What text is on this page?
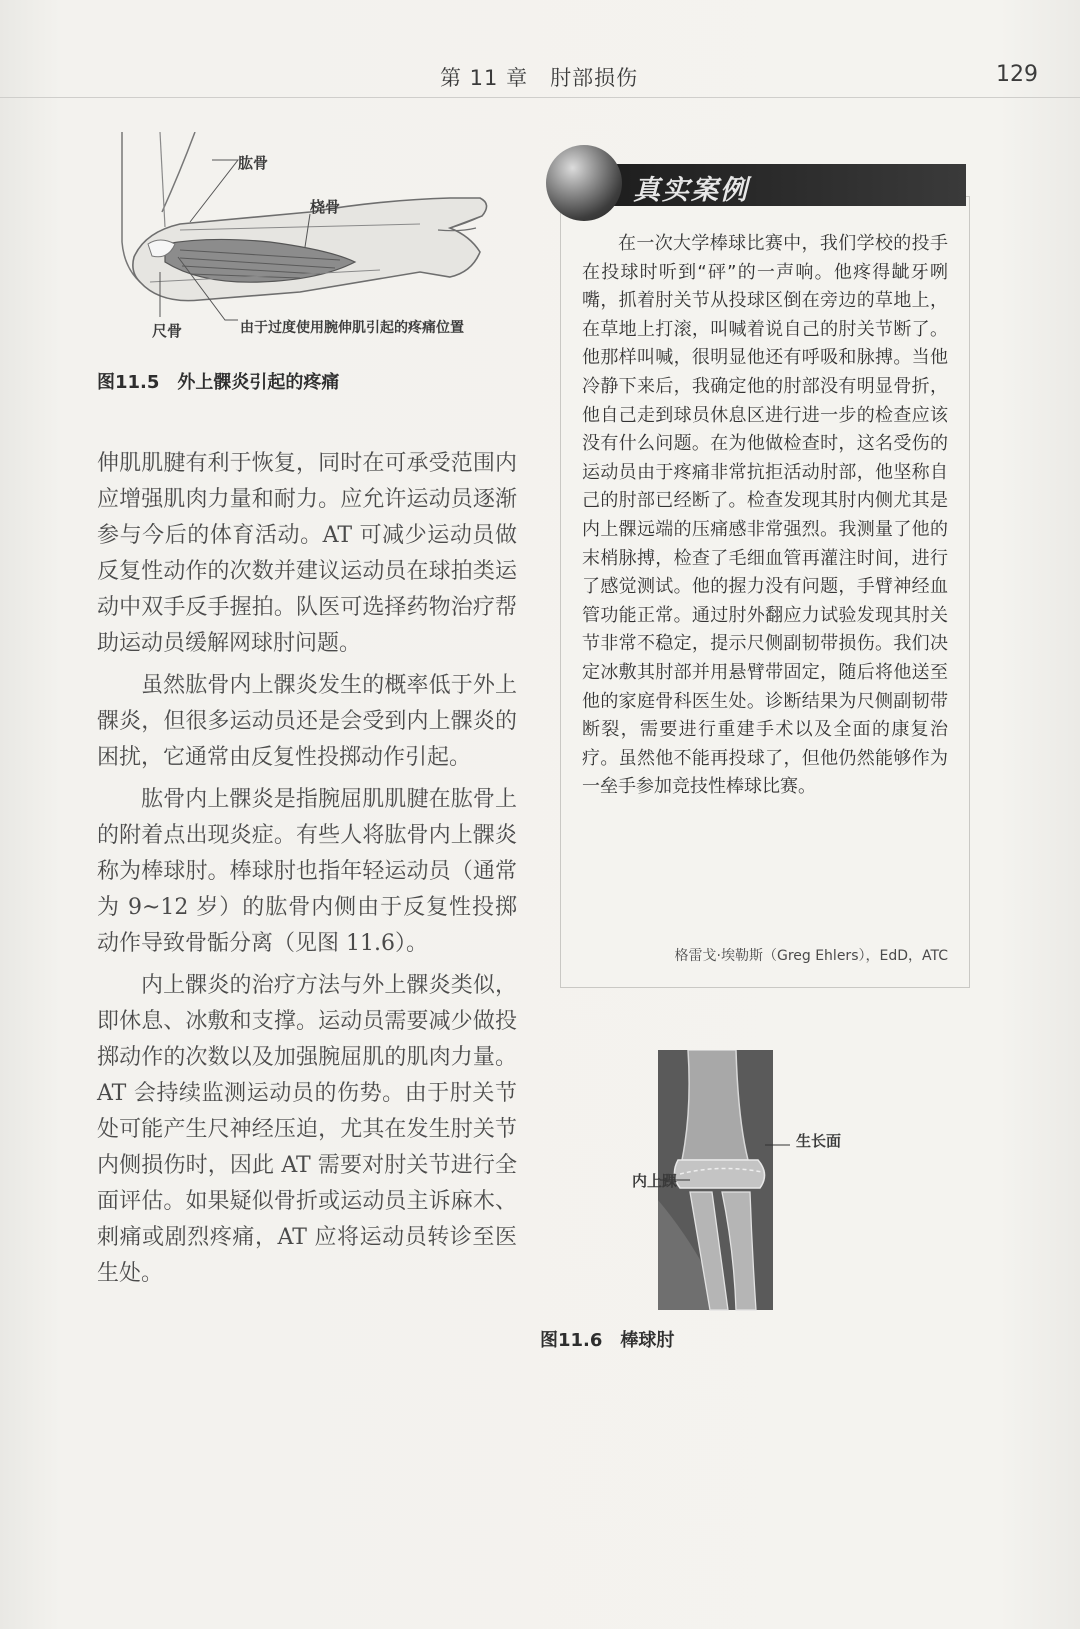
第 11 章　肘部损伤	129
肱骨
桡骨
尺骨	由于过度使用腕伸肌引起的疼痛位置
图11.5　外上髁炎引起的疼痛

伸肌肌腱有利于恢复，同时在可承受范围内应增强肌肉力量和耐力。应允许运动员逐渐参与今后的体育活动。AT 可减少运动员做反复性动作的次数并建议运动员在球拍类运动中双手反手握拍。队医可选择药物治疗帮助运动员缓解网球肘问题。

虽然肱骨内上髁炎发生的概率低于外上髁炎，但很多运动员还是会受到内上髁炎的困扰，它通常由反复性投掷动作引起。

肱骨内上髁炎是指腕屈肌肌腱在肱骨上的附着点出现炎症。有些人将肱骨内上髁炎称为棒球肘。棒球肘也指年轻运动员（通常为 9~12 岁）的肱骨内侧由于反复性投掷动作导致骨骺分离（见图 11.6）。

内上髁炎的治疗方法与外上髁炎类似，即休息、冰敷和支撑。运动员需要减少做投掷动作的次数以及加强腕屈肌的肌肉力量。AT 会持续监测运动员的伤势。由于肘关节处可能产生尺神经压迫，尤其在发生肘关节内侧损伤时，因此 AT 需要对肘关节进行全面评估。如果疑似骨折或运动员主诉麻木、刺痛或剧烈疼痛，AT 应将运动员转诊至医生处。

真实案例
在一次大学棒球比赛中，我们学校的投手在投球时听到“砰”的一声响。他疼得龇牙咧嘴，抓着肘关节从投球区倒在旁边的草地上，在草地上打滚，叫喊着说自己的肘关节断了。他那样叫喊，很明显他还有呼吸和脉搏。当他冷静下来后，我确定他的肘部没有明显骨折，他自己走到球员休息区进行进一步的检查应该没有什么问题。在为他做检查时，这名受伤的运动员由于疼痛非常抗拒活动肘部，他坚称自己的肘部已经断了。检查发现其肘内侧尤其是内上髁远端的压痛感非常强烈。我测量了他的末梢脉搏，检查了毛细血管再灌注时间，进行了感觉测试。他的握力没有问题，手臂神经血管功能正常。通过肘外翻应力试验发现其肘关节非常不稳定，提示尺侧副韧带损伤。我们决定冰敷其肘部并用悬臂带固定，随后将他送至他的家庭骨科医生处。诊断结果为尺侧副韧带断裂，需要进行重建手术以及全面的康复治疗。虽然他不能再投球了，但他仍然能够作为一垒手参加竞技性棒球比赛。
格雷戈·埃勒斯（Greg Ehlers），EdD，ATC
生长面
内上踝
图11.6　棒球肘
